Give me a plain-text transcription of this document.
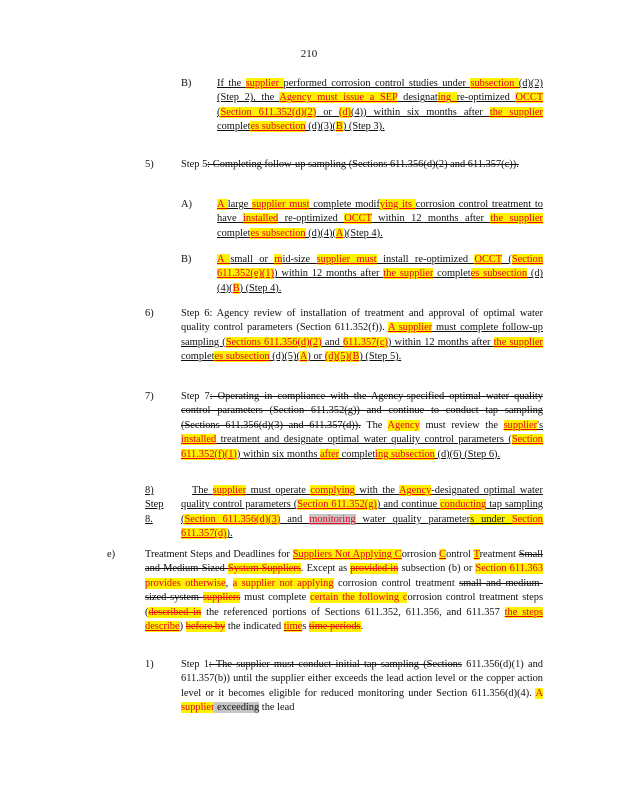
210
B) If the supplier performed corrosion control studies under subsection (d)(2)(Step 2), the Agency must issue a SEP designating re-optimized OCCT (Section 611.352(d)(2) or (d)(4)) within six months after the supplier completes subsection (d)(3)(B) (Step 3).
5)	Step 5: Completing follow-up sampling (Sections 611.356(d)(2) and 611.357(c)).
A) A large supplier must complete modifying its corrosion control treatment to have installed re-optimized OCCT within 12 months after the supplier completes subsection (d)(4)(A)(Step 4).
B) A small or mid-size supplier must install re-optimized OCCT (Section 611.352(e)(1)) within 12 months after the supplier completes subsection (d)(4)(B) (Step 4).
6)	Step 6: Agency review of installation of treatment and approval of optimal water quality control parameters (Section 611.352(f)). A supplier must complete follow-up sampling (Sections 611.356(d)(2) and 611.357(c)) within 12 months after the supplier completes subsection (d)(5)(A) or (d)(5)(B) (Step 5).
7)	Step 7: Operating in compliance with the Agency-specified optimal water quality control parameters (Section 611.352(g)) and continue to conduct tap sampling (Sections 611.356(d)(3) and 611.357(d)). The Agency must review the supplier's installed treatment and designate optimal water quality control parameters (Section 611.352(f)(1)) within six months after completing subsection (d)(6) (Step 6).
8) Step 8.
The supplier must operate complying with the Agency-designated optimal water quality control parameters (Section 611.352(g)) and continue conducting tap sampling (Section 611.356(d)(3) and monitoring water quality parameters under Section 611.357(d)).
e)	Treatment Steps and Deadlines for Suppliers Not Applying Corrosion Control Treatment Small and Medium-Sized System Suppliers. Except as provided in subsection (b) or Section 611.363 provides otherwise, a supplier not applying corrosion control treatment small and medium-sized system suppliers must complete certain the following corrosion control treatment steps (described in the referenced portions of Sections 611.352, 611.356, and 611.357 the steps describe) before by the indicated times time periods.
1)	Step 1: The supplier must conduct initial tap sampling (Sections 611.356(d)(1) and 611.357(b)) until the supplier either exceeds the lead action level or the copper action level or it becomes eligible for reduced monitoring under Section 611.356(d)(4). A supplier exceeding the lead
